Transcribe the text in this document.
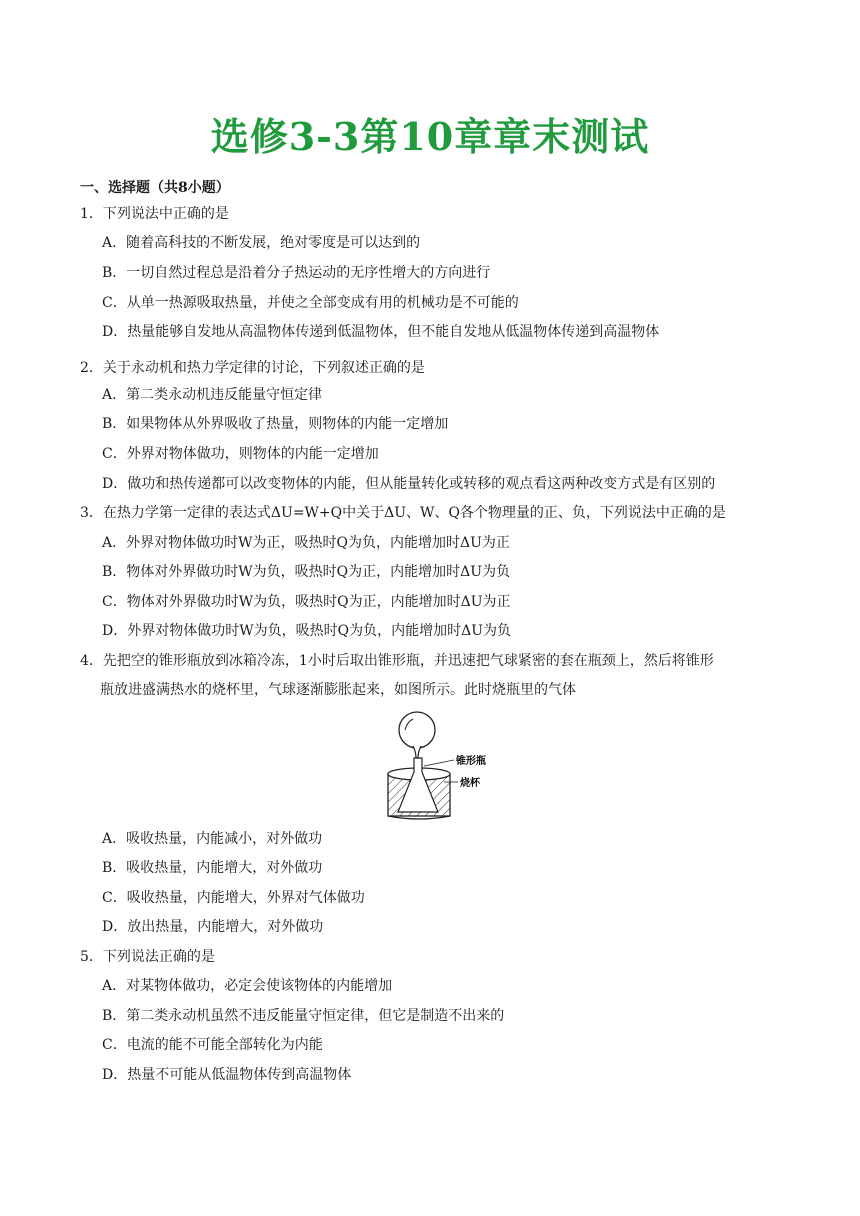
选修3-3第10章章末测试
一、选择题（共8小题）
1．下列说法中正确的是
A．随着高科技的不断发展，绝对零度是可以达到的
B．一切自然过程总是沿着分子热运动的无序性增大的方向进行
C．从单一热源吸取热量，并使之全部变成有用的机械功是不可能的
D．热量能够自发地从高温物体传递到低温物体，但不能自发地从低温物体传递到高温物体
2．关于永动机和热力学定律的讨论，下列叙述正确的是
A．第二类永动机违反能量守恒定律
B．如果物体从外界吸收了热量，则物体的内能一定增加
C．外界对物体做功，则物体的内能一定增加
D．做功和热传递都可以改变物体的内能，但从能量转化或转移的观点看这两种改变方式是有区别的
3．在热力学第一定律的表达式ΔU=W+Q中关于ΔU、W、Q各个物理量的正、负，下列说法中正确的是
A．外界对物体做功时W为正，吸热时Q为负，内能增加时ΔU为正
B．物体对外界做功时W为负，吸热时Q为正，内能增加时ΔU为负
C．物体对外界做功时W为负，吸热时Q为正，内能增加时ΔU为正
D．外界对物体做功时W为负，吸热时Q为负，内能增加时ΔU为负
4．先把空的锥形瓶放到冰箱冷冻，1小时后取出锥形瓶，并迅速把气球紧密的套在瓶颈上，然后将锥形
瓶放进盛满热水的烧杯里，气球逐渐膨胀起来，如图所示。此时烧瓶里的气体
锥形瓶
烧杯
A．吸收热量，内能减小，对外做功
B．吸收热量，内能增大，对外做功
C．吸收热量，内能增大，外界对气体做功
D．放出热量，内能增大，对外做功
5．下列说法正确的是
A．对某物体做功，必定会使该物体的内能增加
B．第二类永动机虽然不违反能量守恒定律，但它是制造不出来的
C．电流的能不可能全部转化为内能
D．热量不可能从低温物体传到高温物体
